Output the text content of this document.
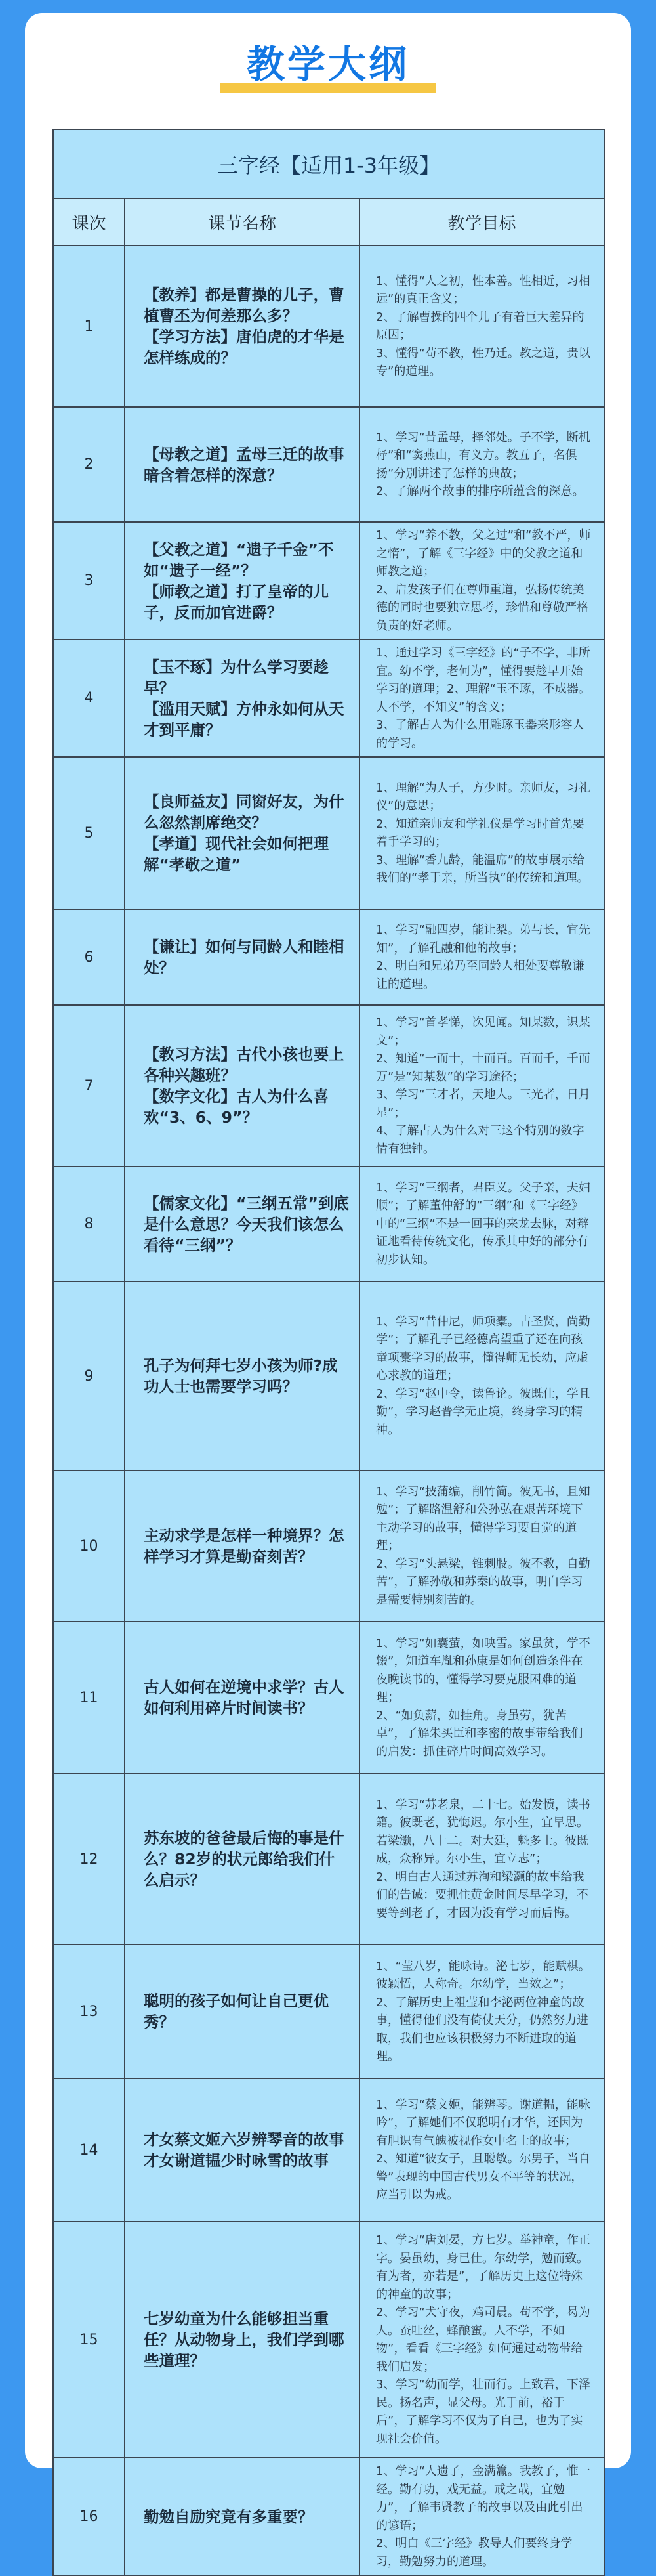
教学大纲
三字经【适用1-3年级】		
课次	课节名称	教学目标
1	【教养】都是曹操的儿子，曹植曹丕为何差那么多？
【学习方法】唐伯虎的才华是怎样练成的？	1、懂得“人之初，性本善。性相近，习相远”的真正含义；
2、了解曹操的四个儿子有着巨大差异的原因；
3、懂得“苟不教，性乃迁。教之道，贵以专”的道理。

2	【母教之道】孟母三迁的故事暗含着怎样的深意？	1、学习“昔孟母，择邻处。子不学，断机杼”和“窦燕山，有义方。教五子，名俱扬”分别讲述了怎样的典故；
2、了解两个故事的排序所蕴含的深意。

3	【父教之道】“遗子千金”不如“遗子一经”？
【师教之道】打了皇帝的儿子，反而加官进爵？	1、学习“养不教，父之过”和“教不严，师之惰”，了解《三字经》中的父教之道和师教之道；
2、启发孩子们在尊师重道，弘扬传统美德的同时也要独立思考，珍惜和尊敬严格负责的好老师。

4	【玉不琢】为什么学习要趁早？
【滥用天赋】方仲永如何从天才到平庸？	1、通过学习《三字经》的“子不学，非所宜。幼不学，老何为”，懂得要趁早开始学习的道理；2、理解“玉不琢，不成器。人不学，不知义”的含义；
3、了解古人为什么用雕琢玉器来形容人的学习。

5	【良师益友】同窗好友，为什么忽然割席绝交？
【孝道】现代社会如何把理解“孝敬之道”	1、理解“为人子，方少时。亲师友，习礼仪”的意思；
2、知道亲师友和学礼仪是学习时首先要着手学习的；
3、理解“香九龄，能温席”的故事展示给我们的“孝于亲，所当执”的传统和道理。

6	【谦让】如何与同龄人和睦相处？	1、学习“融四岁，能让梨。弟与长，宜先知”，了解孔融和他的故事；
2、明白和兄弟乃至同龄人相处要尊敬谦让的道理。

7	【教习方法】古代小孩也要上各种兴趣班？
【数字文化】古人为什么喜欢“3、6、9”？	1、学习“首孝悌，次见闻。知某数，识某文”；
2、知道“一而十，十而百。百而千，千而万”是“知某数”的学习途径；
3、学习“三才者，天地人。三光者，日月星”；
4、了解古人为什么对三这个特别的数字情有独钟。

8	【儒家文化】“三纲五常”到底是什么意思？今天我们该怎么看待“三纲”？	1、学习“三纲者，君臣义。父子亲，夫妇顺”；了解董仲舒的“三纲”和《三字经》中的“三纲”不是一回事的来龙去脉，对辩证地看待传统文化，传承其中好的部分有初步认知。

9	孔子为何拜七岁小孩为师?成功人士也需要学习吗？	1、学习“昔仲尼，师项橐。古圣贤，尚勤学”；了解孔子已经德高望重了还在向孩童项橐学习的故事，懂得师无长幼，应虚心求教的道理；
2、学习“赵中令，读鲁论。彼既仕，学且勤”，学习赵普学无止境，终身学习的精神。

10	主动求学是怎样一种境界？怎样学习才算是勤奋刻苦？	1、学习“披蒲编，削竹简。彼无书，且知勉”；了解路温舒和公孙弘在艰苦环境下主动学习的故事，懂得学习要自觉的道理；
2、学习“头悬梁，锥刺股。彼不教，自勤苦”，了解孙敬和苏秦的故事，明白学习是需要特别刻苦的。

11	古人如何在逆境中求学？古人如何利用碎片时间读书？	1、学习“如囊萤，如映雪。家虽贫，学不辍”，知道车胤和孙康是如何创造条件在夜晚读书的，懂得学习要克服困难的道理；
2、“如负薪，如挂角。身虽劳，犹苦卓”，了解朱买臣和李密的故事带给我们的启发：抓住碎片时间高效学习。

12	苏东坡的爸爸最后悔的事是什么？82岁的状元郎给我们什么启示？	1、学习“苏老泉，二十七。始发愤，读书籍。彼既老，犹悔迟。尔小生，宜早思。若梁灏，八十二。对大廷，魁多士。彼既成，众称异。尔小生，宜立志”；
2、明白古人通过苏洵和梁灏的故事给我们的告诫：要抓住黄金时间尽早学习，不要等到老了，才因为没有学习而后悔。

13	聪明的孩子如何让自己更优秀？	1、“莹八岁，能咏诗。泌七岁，能赋棋。彼颖悟，人称奇。尔幼学，当效之”；
2、了解历史上祖莹和李泌两位神童的故事，懂得他们没有倚仗天分，仍然努力进取，我们也应该积极努力不断进取的道理。

14	才女蔡文姬六岁辨琴音的故事
才女谢道韫少时咏雪的故事	1、学习“蔡文姬，能辨琴。谢道韫，能咏吟”，了解她们不仅聪明有才华，还因为有胆识有气魄被视作女中名士的故事；
2、知道“彼女子，且聪敏。尔男子，当自警”表现的中国古代男女不平等的状况，应当引以为戒。

15	七岁幼童为什么能够担当重任？从动物身上，我们学到哪些道理？	1、学习“唐刘晏，方七岁。举神童，作正字。晏虽幼，身已仕。尔幼学，勉而致。有为者，亦若是”，了解历史上这位特殊的神童的故事；
2、学习“犬守夜，鸡司晨。苟不学，曷为人。蚕吐丝，蜂酿蜜。人不学，不如物”，看看《三字经》如何通过动物带给我们启发；
3、学习“幼而学，壮而行。上致君，下泽民。扬名声，显父母。光于前，裕于后”，了解学习不仅为了自己，也为了实现社会价值。

16	勤勉自励究竟有多重要？	1、学习“人遗子，金满籯。我教子，惟一经。勤有功，戏无益。戒之哉，宜勉力”，了解韦贤教子的故事以及由此引出的谚语；
2、明白《三字经》教导人们要终身学习，勤勉努力的道理。
